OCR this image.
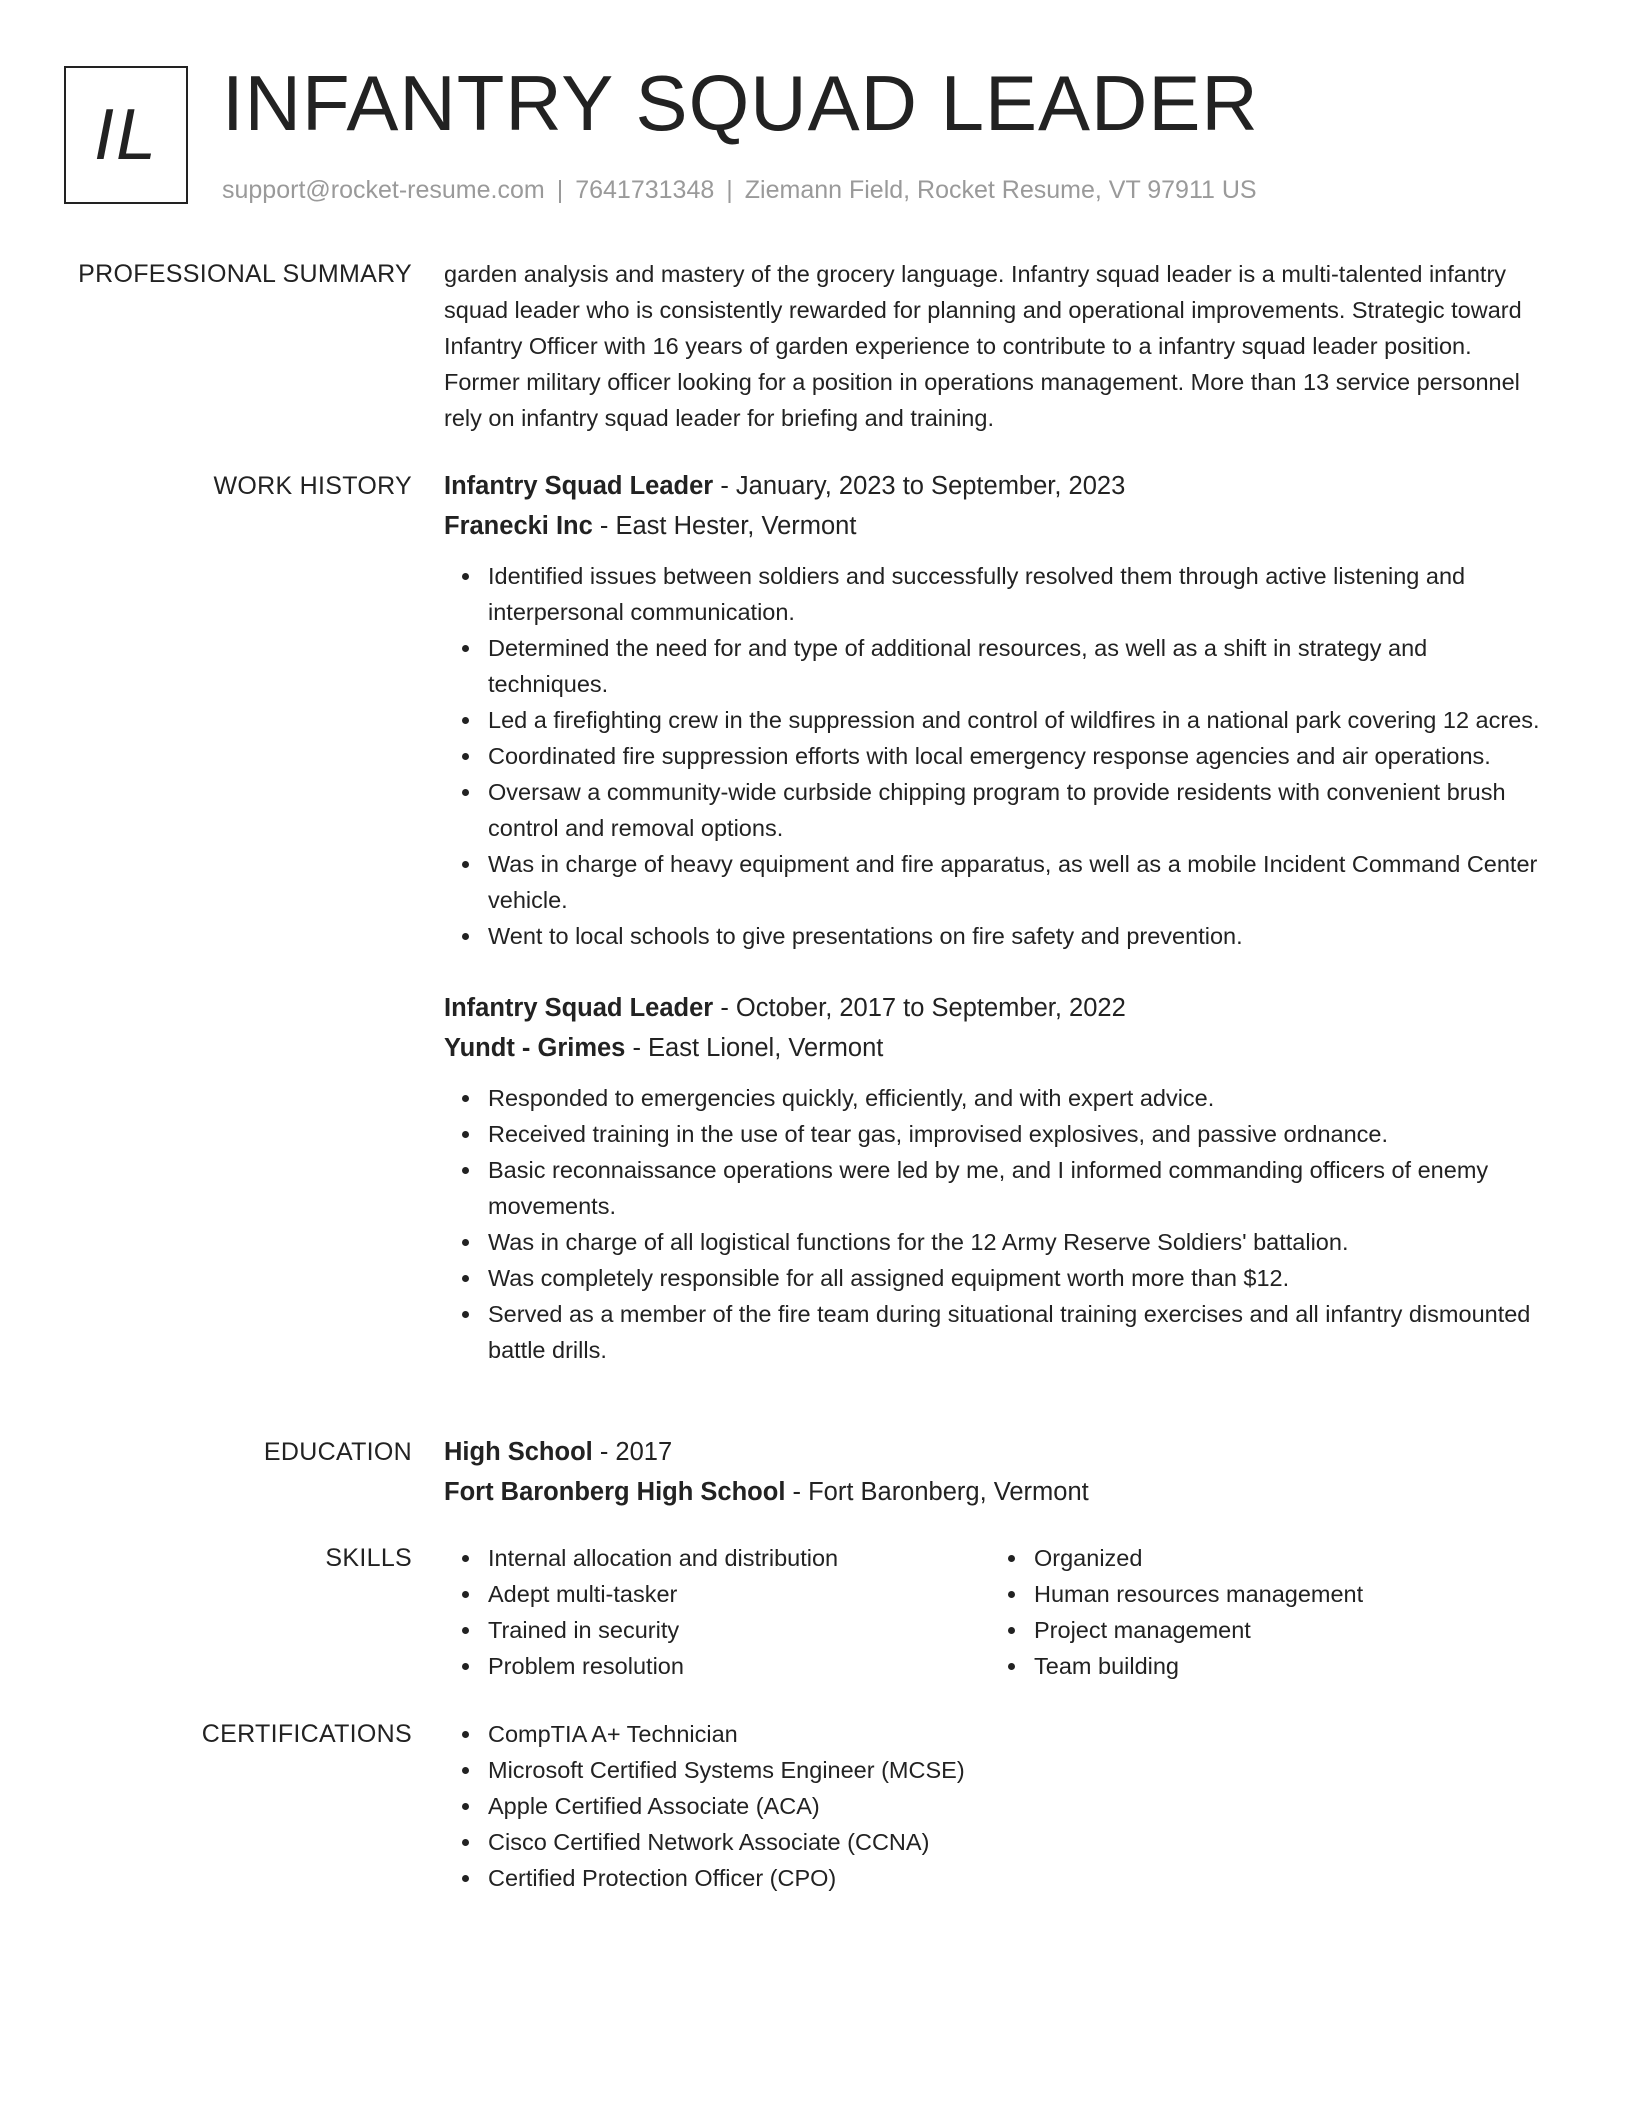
IL INFANTRY SQUAD LEADER
support@rocket-resume.com | 7641731348 | Ziemann Field, Rocket Resume, VT 97911 US
PROFESSIONAL SUMMARY garden analysis and mastery of the grocery language. Infantry squad leader is a multi-talented infantry squad leader who is consistently rewarded for planning and operational improvements. Strategic toward Infantry Officer with 16 years of garden experience to contribute to a infantry squad leader position. Former military officer looking for a position in operations management. More than 13 service personnel rely on infantry squad leader for briefing and training.

WORK HISTORY Infantry Squad Leader - January, 2023 to September, 2023

Franecki Inc - East Hester, Vermont

Identified issues between soldiers and successfully resolved them through active listening and interpersonal communication.
Determined the need for and type of additional resources, as well as a shift in strategy and techniques.
Led a firefighting crew in the suppression and control of wildfires in a national park covering 12 acres.
Coordinated fire suppression efforts with local emergency response agencies and air operations.
Oversaw a community-wide curbside chipping program to provide residents with convenient brush control and removal options.
Was in charge of heavy equipment and fire apparatus, as well as a mobile Incident Command Center vehicle.
Went to local schools to give presentations on fire safety and prevention.

Infantry Squad Leader - October, 2017 to September, 2022

Yundt - Grimes - East Lionel, Vermont

Responded to emergencies quickly, efficiently, and with expert advice.
Received training in the use of tear gas, improvised explosives, and passive ordnance.
Basic reconnaissance operations were led by me, and I informed commanding officers of enemy movements.
Was in charge of all logistical functions for the 12 Army Reserve Soldiers' battalion.
Was completely responsible for all assigned equipment worth more than $12.
Served as a member of the fire team during situational training exercises and all infantry dismounted battle drills.
EDUCATION High School - 2017

Fort Baronberg High School - Fort Baronberg, Vermont

SKILLS	Internal allocation and distribution
Adept multi-tasker
Trained in security
Problem resolution
Organized
Human resources management
Project management
Team building
CERTIFICATIONS	CompTIA A+ Technician
Microsoft Certified Systems Engineer (MCSE)
Apple Certified Associate (ACA)
Cisco Certified Network Associate (CCNA)
Certified Protection Officer (CPO)
